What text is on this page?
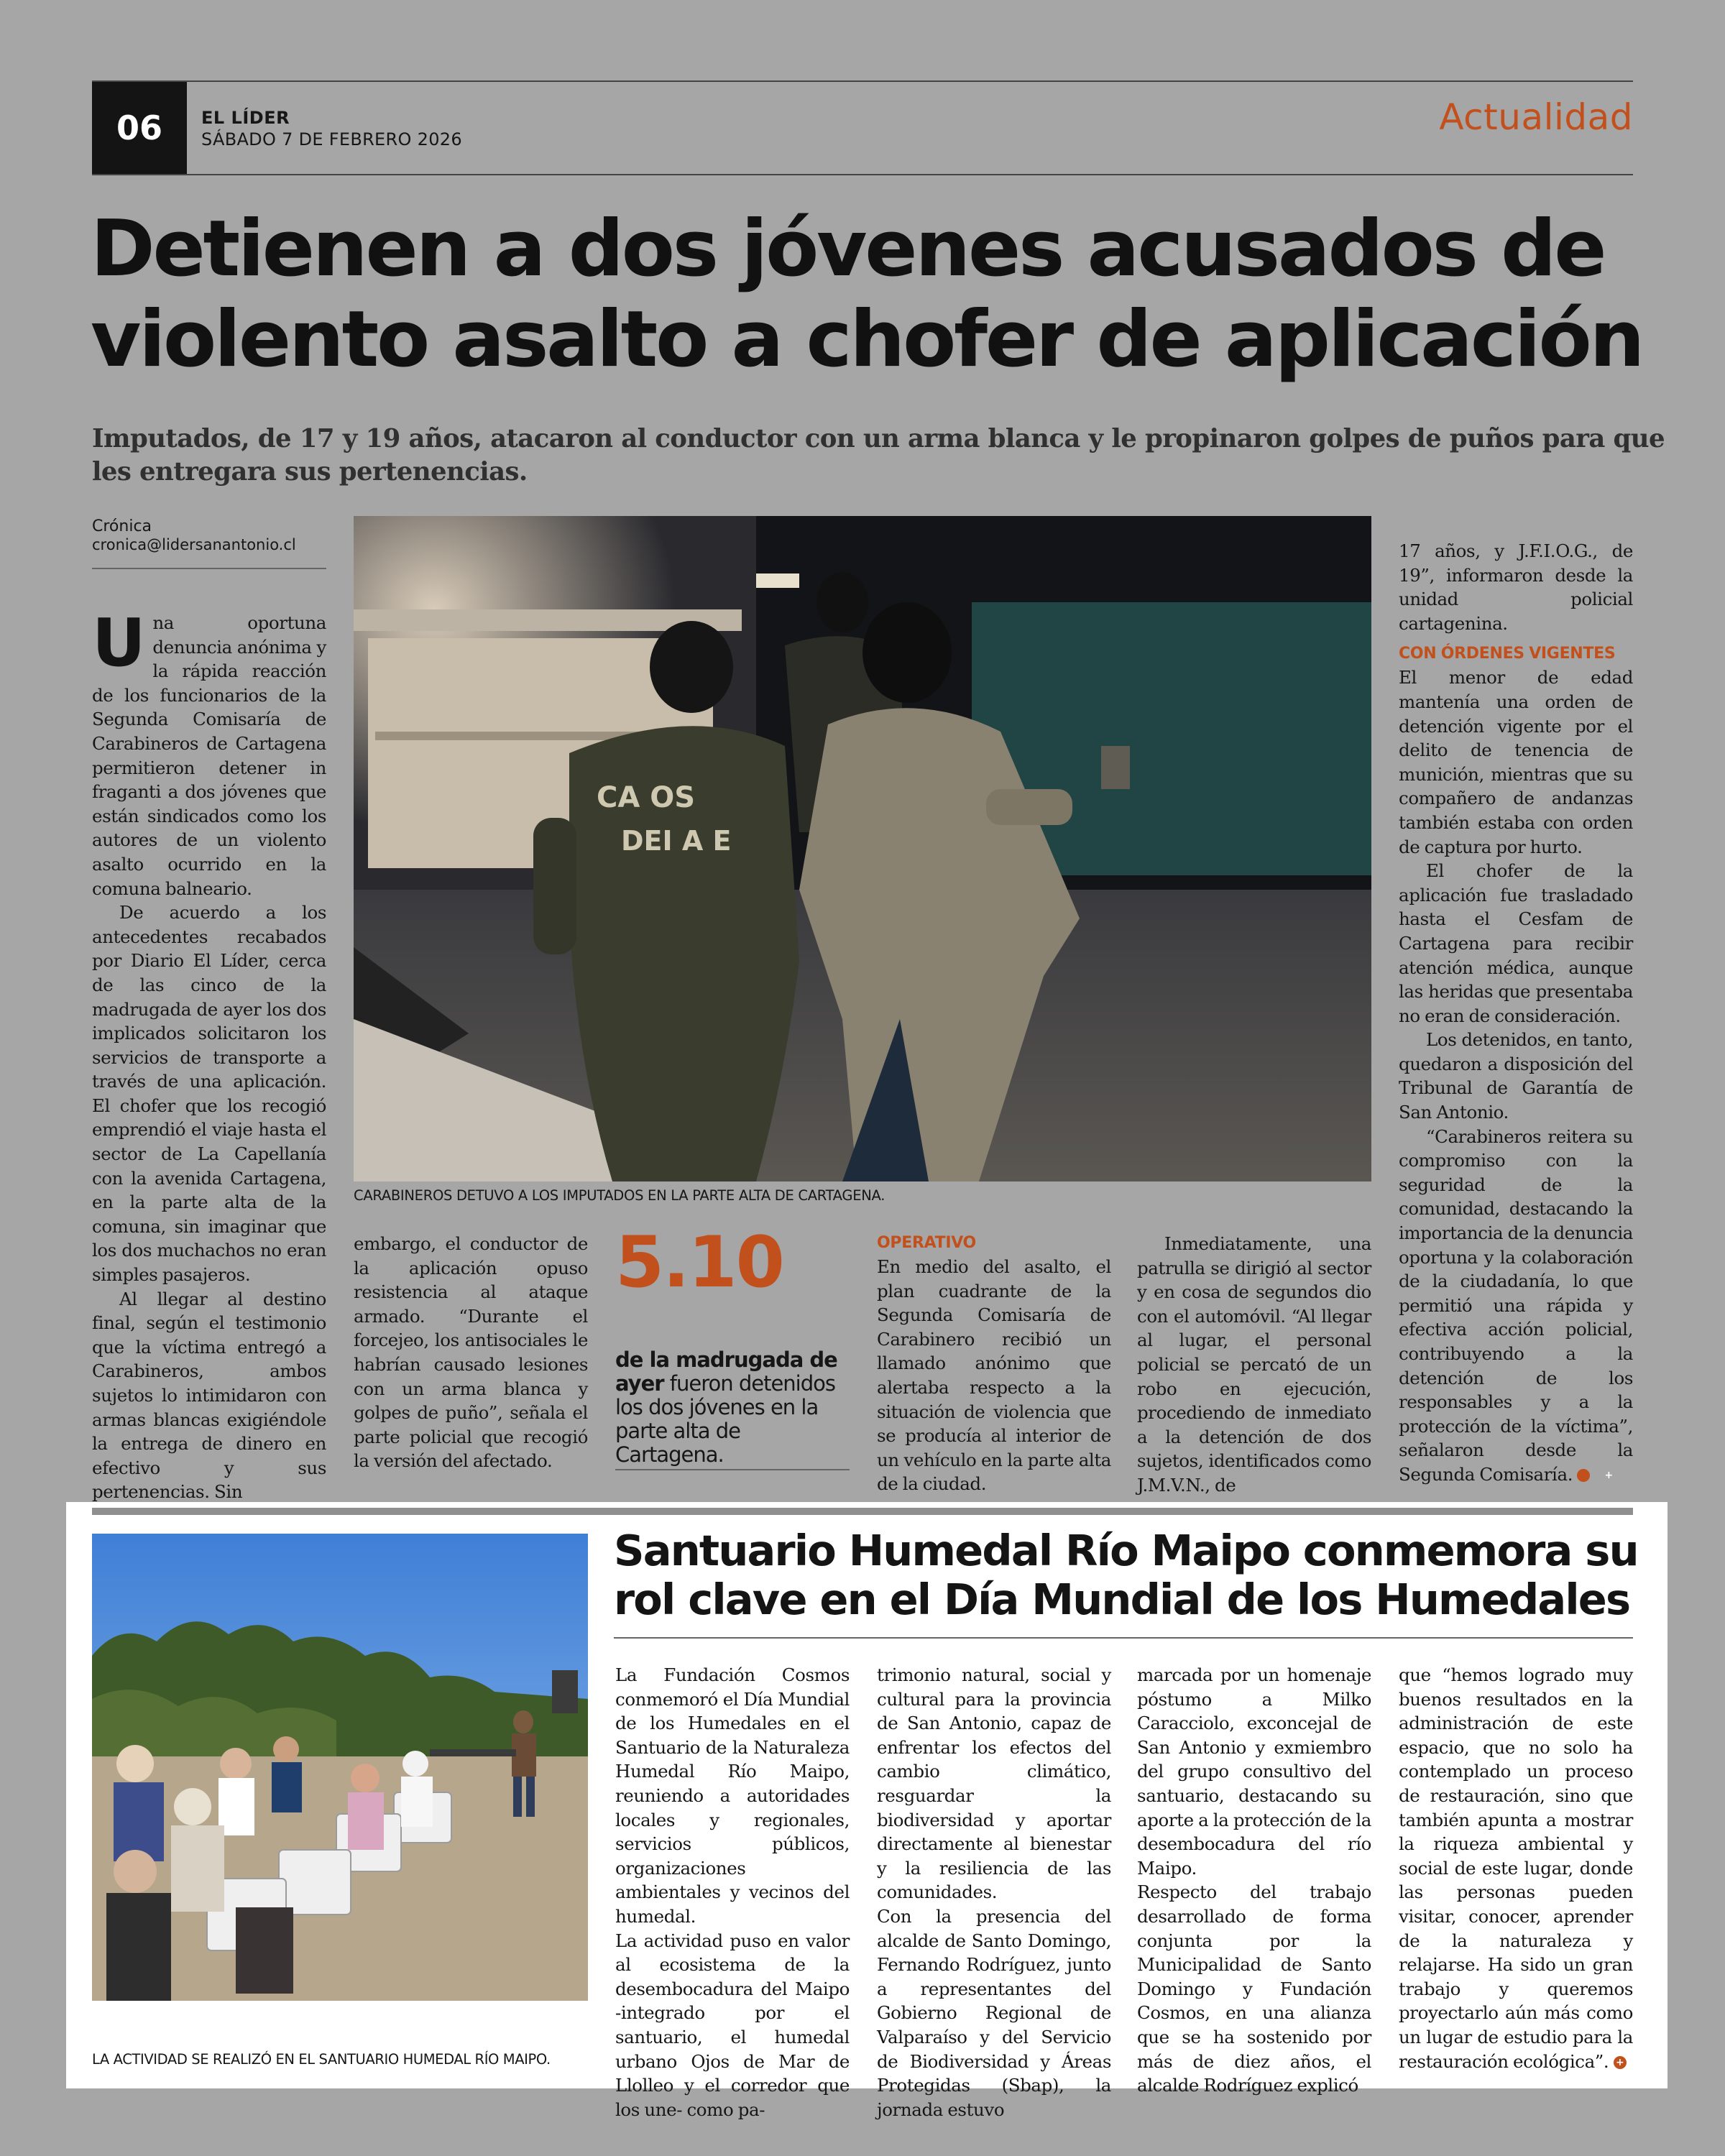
06	EL LÍDER
SÁBADO 7 DE FEBRERO 2026
Actualidad
Detienen a dos jóvenes acusados de
violento asalto a chofer de aplicación
Imputados, de 17 y 19 años, atacaron al conductor con un arma blanca y le propinaron golpes de puños para que
les entregara sus pertenencias.
Crónica
cronica@lidersanantonio.cl
CA OS
DEI A E
CARABINEROS DETUVO A LOS IMPUTADOS EN LA PARTE ALTA DE CARTAGENA.

Una oportuna denuncia anónima y la rápida reacción de los funcionarios de la Segunda Comisaría de Carabineros de Cartagena permitieron detener in fraganti a dos jóvenes que están sindicados como los autores de un violento asalto ocurrido en la comuna balneario.

De acuerdo a los antecedentes recabados por Diario El Líder, cerca de las cinco de la madrugada de ayer los dos implicados solicitaron los servicios de transporte a través de una aplicación. El chofer que los recogió emprendió el viaje hasta el sector de La Capellanía con la avenida Cartagena, en la parte alta de la comuna, sin imaginar que los dos muchachos no eran simples pasajeros.

Al llegar al destino final, según el testimonio que la víctima entregó a Carabineros, ambos sujetos lo intimidaron con armas blancas exigiéndole la entrega de dinero en efectivo y sus pertenencias. Sin

embargo, el conductor de la aplicación opuso resistencia al ataque armado. “Durante el forcejeo, los antisociales le habrían causado lesiones con un arma blanca y golpes de puño”, señala el parte policial que recogió la versión del afectado.

5.10
de la madrugada de ayer fueron detenidos los dos jóvenes en la parte alta de Cartagena.
OPERATIVO

En medio del asalto, el plan cuadrante de la Segunda Comisaría de Carabinero recibió un llamado anónimo que alertaba respecto a la situación de violencia que se producía al interior de un vehículo en la parte alta de la ciudad.

Inmediatamente, una patrulla se dirigió al sector y en cosa de segundos dio con el automóvil. “Al llegar al lugar, el personal policial se percató de un robo en ejecución, procediendo de inmediato a la detención de dos sujetos, identificados como J.M.V.N., de

17 años, y J.F.I.O.G., de 19”, informaron desde la unidad policial cartagenina.

CON ÓRDENES VIGENTES

El menor de edad mantenía una orden de detención vigente por el delito de tenencia de munición, mientras que su compañero de andanzas también estaba con orden de captura por hurto.

El chofer de la aplicación fue trasladado hasta el Cesfam de Cartagena para recibir atención médica, aunque las heridas que presentaba no eran de consideración.

Los detenidos, en tanto, quedaron a disposición del Tribunal de Garantía de San Antonio.

“Carabineros reitera su compromiso con la seguridad de la comunidad, destacando la importancia de la denuncia oportuna y la colaboración de la ciudadanía, lo que permitió una rápida y efectiva acción policial, contribuyendo a la detención de los responsables y a la protección de la víctima”, señalaron desde la Segunda Comisaría.	+

LA ACTIVIDAD SE REALIZÓ EN EL SANTUARIO HUMEDAL RÍO MAIPO.
Santuario Humedal Río Maipo conmemora su
rol clave en el Día Mundial de los Humedales

La Fundación Cosmos conmemoró el Día Mundial de los Humedales en el Santuario de la Naturaleza Humedal Río Maipo, reuniendo a autoridades locales y regionales, servicios públicos, organizaciones ambientales y vecinos del humedal.

La actividad puso en valor al ecosistema de la desembocadura del Maipo -integrado por el santuario, el humedal urbano Ojos de Mar de Llolleo y el corredor que los une- como pa-

trimonio natural, social y cultural para la provincia de San Antonio, capaz de enfrentar los efectos del cambio climático, resguardar la biodiversidad y aportar directamente al bienestar y la resiliencia de las comunidades.

Con la presencia del alcalde de Santo Domingo, Fernando Rodríguez, junto a representantes del Gobierno Regional de Valparaíso y del Servicio de Biodiversidad y Áreas Protegidas (Sbap), la jornada estuvo

marcada por un homenaje póstumo a Milko Caracciolo, exconcejal de San Antonio y exmiembro del grupo consultivo del santuario, destacando su aporte a la protección de la desembocadura del río Maipo.

Respecto del trabajo desarrollado de forma conjunta por la Municipalidad de Santo Domingo y Fundación Cosmos, en una alianza que se ha sostenido por más de diez años, el alcalde Rodríguez explicó

que “hemos logrado muy buenos resultados en la administración de este espacio, que no solo ha contemplado un proceso de restauración, sino que también apunta a mostrar la riqueza ambiental y social de este lugar, donde las personas pueden visitar, conocer, aprender de la naturaleza y relajarse. Ha sido un gran trabajo y queremos proyectarlo aún más como un lugar de estudio para la restauración ecológica”. +
